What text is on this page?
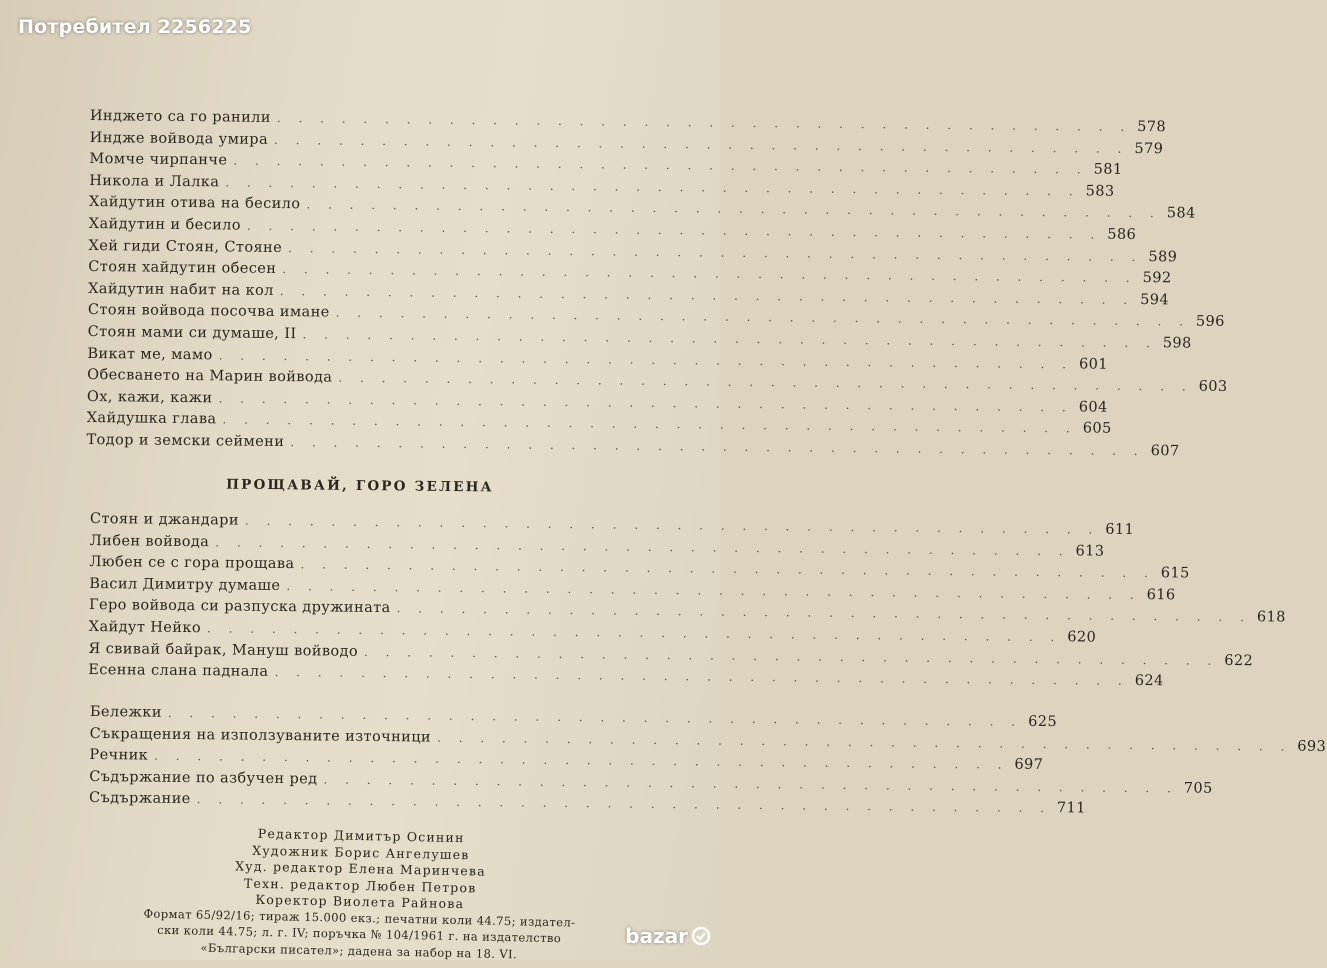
Потребител 2256225
Инджето са го ранили . . . . . . . . . . . . . . . . . . . . . . . . . . . . . . . . . . . . . . . . 578
Индже войвода умира . . . . . . . . . . . . . . . . . . . . . . . . . . . . . . . . . . . . . . . . 579
Момче чирпанче . . . . . . . . . . . . . . . . . . . . . . . . . . . . . . . . . . . . . . . . 581
Никола и Лалка . . . . . . . . . . . . . . . . . . . . . . . . . . . . . . . . . . . . . . . . 583
Хайдутин отива на бесило . . . . . . . . . . . . . . . . . . . . . . . . . . . . . . . . . . . . . . . . 584
Хайдутин и бесило . . . . . . . . . . . . . . . . . . . . . . . . . . . . . . . . . . . . . . . . 586
Хей гиди Стоян, Стояне . . . . . . . . . . . . . . . . . . . . . . . . . . . . . . . . . . . . . . . . 589
Стоян хайдутин обесен . . . . . . . . . . . . . . . . . . . . . . . . . . . . . . . . . . . . . . . . 592
Хайдутин набит на кол . . . . . . . . . . . . . . . . . . . . . . . . . . . . . . . . . . . . . . . . 594
Стоян войвода посочва имане . . . . . . . . . . . . . . . . . . . . . . . . . . . . . . . . . . . . . . . . 596
Стоян мами си думаше, II . . . . . . . . . . . . . . . . . . . . . . . . . . . . . . . . . . . . . . . . 598
Викат ме, мамо . . . . . . . . . . . . . . . . . . . . . . . . . . . . . . . . . . . . . . . . 601
Обесването на Марин войвода . . . . . . . . . . . . . . . . . . . . . . . . . . . . . . . . . . . . . . . . 603
Ох, кажи, кажи . . . . . . . . . . . . . . . . . . . . . . . . . . . . . . . . . . . . . . . . 604
Хайдушка глава . . . . . . . . . . . . . . . . . . . . . . . . . . . . . . . . . . . . . . . . 605
Тодор и земски сеймени . . . . . . . . . . . . . . . . . . . . . . . . . . . . . . . . . . . . . . . . 607
ПРОЩАВАЙ, ГОРО ЗЕЛЕНА
Стоян и джандари . . . . . . . . . . . . . . . . . . . . . . . . . . . . . . . . . . . . . . . . 611
Либен войвода . . . . . . . . . . . . . . . . . . . . . . . . . . . . . . . . . . . . . . . . 613
Любен се с гора прощава . . . . . . . . . . . . . . . . . . . . . . . . . . . . . . . . . . . . . . . . 615
Васил Димитру думаше . . . . . . . . . . . . . . . . . . . . . . . . . . . . . . . . . . . . . . . . 616
Геро войвода си разпуска дружината . . . . . . . . . . . . . . . . . . . . . . . . . . . . . . . . . . . . . . . . 618
Хайдут Нейко . . . . . . . . . . . . . . . . . . . . . . . . . . . . . . . . . . . . . . . . 620
Я свивай байрак, Мануш войводо . . . . . . . . . . . . . . . . . . . . . . . . . . . . . . . . . . . . . . . . 622
Есенна слана паднала . . . . . . . . . . . . . . . . . . . . . . . . . . . . . . . . . . . . . . . . 624
Бележки . . . . . . . . . . . . . . . . . . . . . . . . . . . . . . . . . . . . . . . . 625
Съкращения на използуваните източници . . . . . . . . . . . . . . . . . . . . . . . . . . . . . . . . . . . . . . . . 693
Речник . . . . . . . . . . . . . . . . . . . . . . . . . . . . . . . . . . . . . . . . 697
Съдържание по азбучен ред . . . . . . . . . . . . . . . . . . . . . . . . . . . . . . . . . . . . . . . . 705
Съдържание . . . . . . . . . . . . . . . . . . . . . . . . . . . . . . . . . . . . . . . . 711
Редактор Димитър Осинин
Художник Борис Ангелушев
Худ. редактор Елена Маринчева
Техн. редактор Любен Петров
Коректор Виолета Райнова
Формат 65/92/16; тираж 15.000 екз.; печатни коли 44.75; издател-
ски коли 44.75; л. г. IV; поръчка № 104/1961 г. на издателство
«Български писател»; дадена за набор на 18. VI.
bazar
